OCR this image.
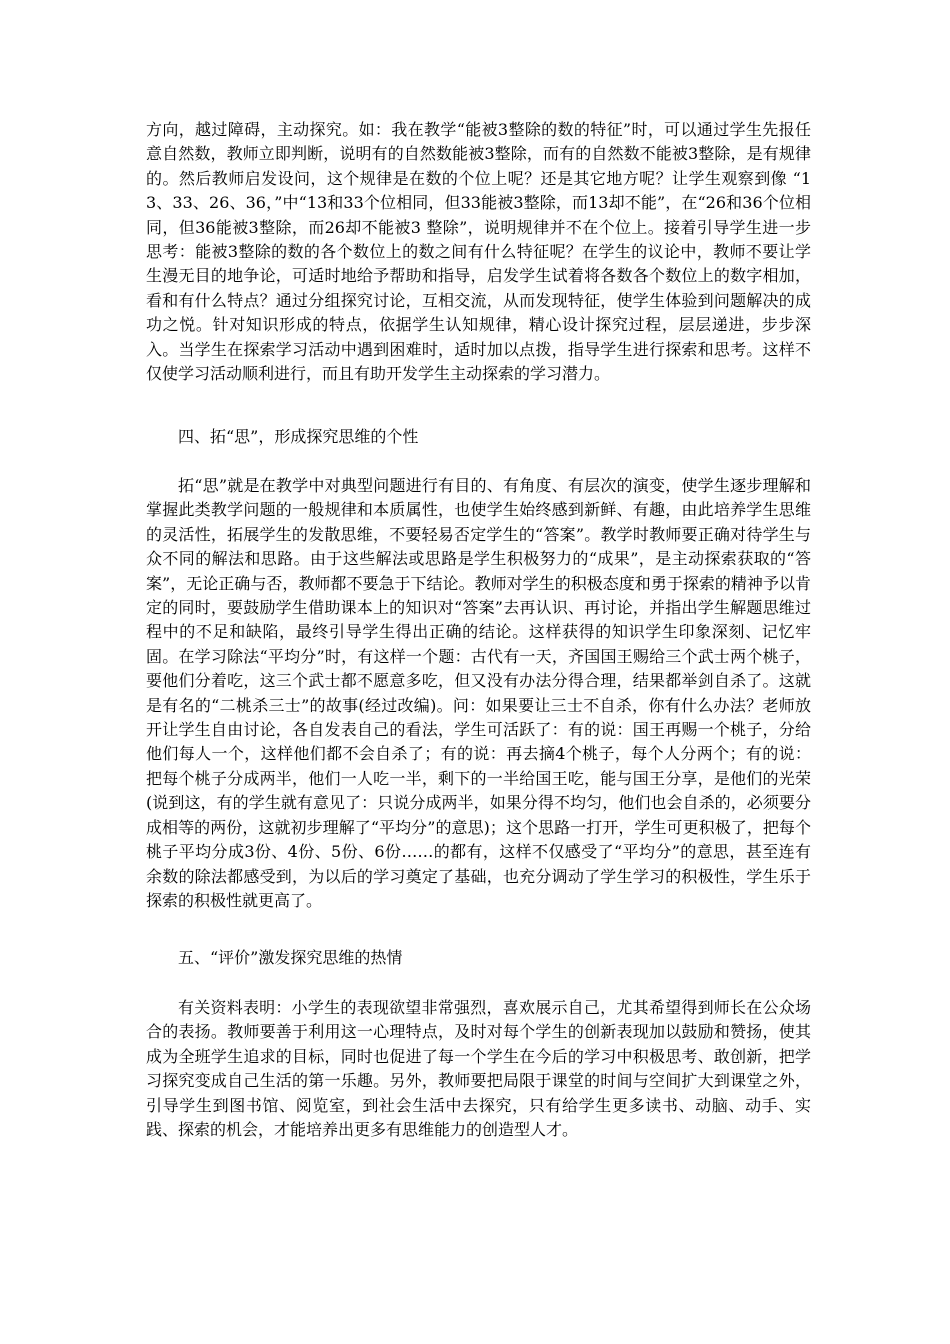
方向，越过障碍，主动探究。如：我在教学“能被3整除的数的特征”时，可以通过学生先报任意自然数，教师立即判断，说明有的自然数能被3整除，而有的自然数不能被3整除，是有规律的。然后教师启发设问，这个规律是在数的个位上呢？还是其它地方呢？让学生观察到像 “13、33、26、36，”中“13和33个位相同，但33能被3整除，而13却不能”，在“26和36个位相同，但36能被3整除，而26却不能被3 整除”，说明规律并不在个位上。接着引导学生进一步思考：能被3整除的数的各个数位上的数之间有什么特征呢？在学生的议论中，教师不要让学生漫无目的地争论，可适时地给予帮助和指导，启发学生试着将各数各个数位上的数字相加，看和有什么特点？通过分组探究讨论，互相交流，从而发现特征，使学生体验到问题解决的成功之悦。针对知识形成的特点，依据学生认知规律，精心设计探究过程，层层递进，步步深入。当学生在探索学习活动中遇到困难时，适时加以点拨，指导学生进行探索和思考。这样不仅使学习活动顺利进行，而且有助开发学生主动探索的学习潜力。

四、拓“思”，形成探究思维的个性

拓“思”就是在教学中对典型问题进行有目的、有角度、有层次的演变，使学生逐步理解和掌握此类教学问题的一般规律和本质属性，也使学生始终感到新鲜、有趣，由此培养学生思维的灵活性，拓展学生的发散思维，不要轻易否定学生的“答案”。教学时教师要正确对待学生与众不同的解法和思路。由于这些解法或思路是学生积极努力的“成果”，是主动探索获取的“答案”，无论正确与否，教师都不要急于下结论。教师对学生的积极态度和勇于探索的精神予以肯定的同时，要鼓励学生借助课本上的知识对“答案”去再认识、再讨论，并指出学生解题思维过程中的不足和缺陷，最终引导学生得出正确的结论。这样获得的知识学生印象深刻、记忆牢固。在学习除法“平均分”时，有这样一个题：古代有一天，齐国国王赐给三个武士两个桃子，要他们分着吃，这三个武士都不愿意多吃，但又没有办法分得合理，结果都举剑自杀了。这就是有名的“二桃杀三士”的故事(经过改编)。问：如果要让三士不自杀，你有什么办法？老师放开让学生自由讨论，各自发表自己的看法，学生可活跃了：有的说：国王再赐一个桃子，分给他们每人一个，这样他们都不会自杀了；有的说：再去摘4个桃子，每个人分两个；有的说：把每个桃子分成两半，他们一人吃一半，剩下的一半给国王吃，能与国王分享，是他们的光荣(说到这，有的学生就有意见了：只说分成两半，如果分得不均匀，他们也会自杀的，必须要分成相等的两份，这就初步理解了“平均分”的意思)；这个思路一打开，学生可更积极了，把每个桃子平均分成3份、4份、5份、6份……的都有，这样不仅感受了“平均分”的意思，甚至连有余数的除法都感受到，为以后的学习奠定了基础，也充分调动了学生学习的积极性，学生乐于探索的积极性就更高了。

五、“评价”激发探究思维的热情

有关资料表明：小学生的表现欲望非常强烈，喜欢展示自己，尤其希望得到师长在公众场合的表扬。教师要善于利用这一心理特点，及时对每个学生的创新表现加以鼓励和赞扬，使其成为全班学生追求的目标，同时也促进了每一个学生在今后的学习中积极思考、敢创新，把学习探究变成自己生活的第一乐趣。另外，教师要把局限于课堂的时间与空间扩大到课堂之外，引导学生到图书馆、阅览室，到社会生活中去探究，只有给学生更多读书、动脑、动手、实践、探索的机会，才能培养出更多有思维能力的创造型人才。
